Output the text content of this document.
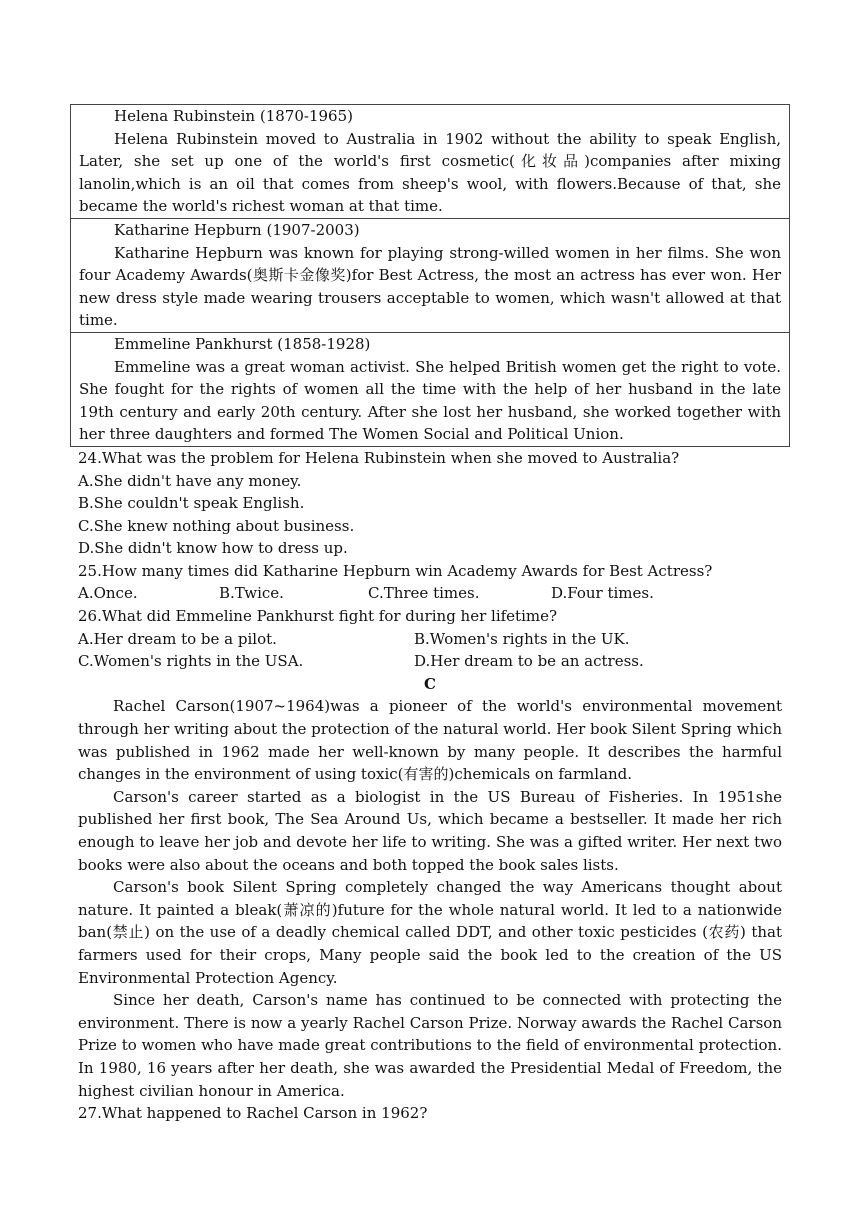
Helena Rubinstein (1870-1965)

Helena Rubinstein moved to Australia in 1902 without the ability to speak English, Later, she set up one of the world's first cosmetic(化妆品)companies after mixing lanolin,which is an oil that comes from sheep's wool, with flowers.Because of that, she became the world's richest woman at that time.

Katharine Hepburn (1907-2003)

Katharine Hepburn was known for playing strong-willed women in her films. She won four Academy Awards(奥斯卡金像奖)for Best Actress, the most an actress has ever won. Her new dress style made wearing trousers acceptable to women, which wasn't allowed at that time.

Emmeline Pankhurst (1858-1928)

Emmeline was a great woman activist. She helped British women get the right to vote. She fought for the rights of women all the time with the help of her husband in the late 19th century and early 20th century. After she lost her husband, she worked together with her three daughters and formed The Women Social and Political Union.

24.What was the problem for Helena Rubinstein when she moved to Australia?

A.She didn't have any money.

B.She couldn't speak English.

C.She knew nothing about business.

D.She didn't know how to dress up.

25.How many times did Katharine Hepburn win Academy Awards for Best Actress?

A.Once.	B.Twice.	C.Three times.	D.Four times.

26.What did Emmeline Pankhurst fight for during her lifetime?

A.Her dream to be a pilot.	B.Women's rights in the UK.
C.Women's rights in the USA.	D.Her dream to be an actress.

C

Rachel Carson(1907~1964)was a pioneer of the world's environmental movement through her writing about the protection of the natural world. Her book Silent Spring which was published in 1962 made her well-known by many people. It describes the harmful changes in the environment of using toxic(有害的)chemicals on farmland.

Carson's career started as a biologist in the US Bureau of Fisheries. In 1951she published her first book, The Sea Around Us, which became a bestseller. It made her rich enough to leave her job and devote her life to writing. She was a gifted writer. Her next two books were also about the oceans and both topped the book sales lists.

Carson's book Silent Spring completely changed the way Americans thought about nature. It painted a bleak(萧凉的)future for the whole natural world. It led to a nationwide ban(禁止) on the use of a deadly chemical called DDT, and other toxic pesticides (农药) that farmers used for their crops, Many people said the book led to the creation of the US Environmental Protection Agency.

Since her death, Carson's name has continued to be connected with protecting the environment. There is now a yearly Rachel Carson Prize. Norway awards the Rachel Carson Prize to women who have made great contributions to the field of environmental protection. In 1980, 16 years after her death, she was awarded the Presidential Medal of Freedom, the highest civilian honour in America.

27.What happened to Rachel Carson in 1962?
